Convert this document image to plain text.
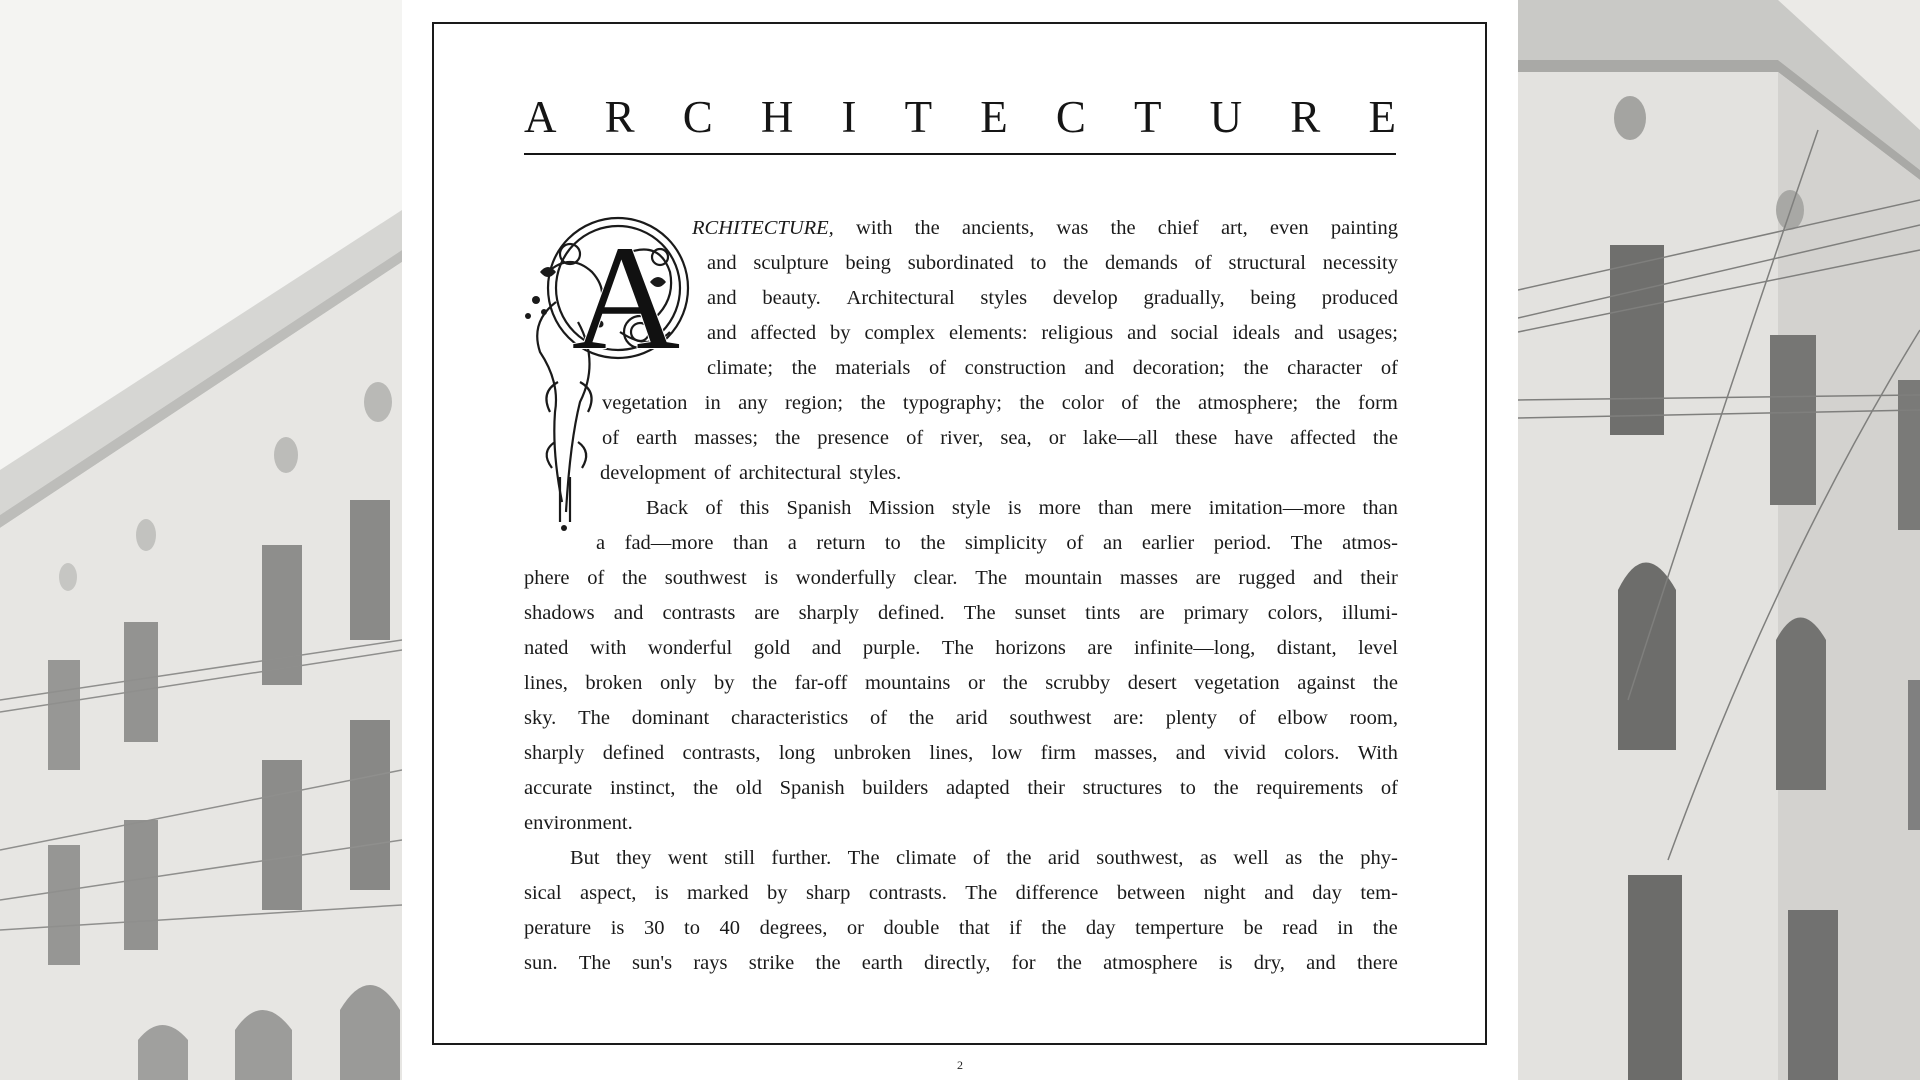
A R C H I T E C T U R E
A RCHITECTURE, with the ancients, was the chief art, even painting
and sculpture being subordinated to the demands of structural necessity
and beauty. Architectural styles develop gradually, being produced
and affected by complex elements: religious and social ideals and usages;
climate; the materials of construction and decoration; the character of
vegetation in any region; the typography; the color of the atmosphere; the form
of earth masses; the presence of river, sea, or lake—all these have affected the
development of architectural styles.
Back of this Spanish Mission style is more than mere imitation—more than
a fad—more than a return to the simplicity of an earlier period. The atmos-
phere of the southwest is wonderfully clear. The mountain masses are rugged and their
shadows and contrasts are sharply defined. The sunset tints are primary colors, illumi-
nated with wonderful gold and purple. The horizons are infinite—long, distant, level
lines, broken only by the far-off mountains or the scrubby desert vegetation against the
sky. The dominant characteristics of the arid southwest are: plenty of elbow room,
sharply defined contrasts, long unbroken lines, low firm masses, and vivid colors. With
accurate instinct, the old Spanish builders adapted their structures to the requirements of
environment.
But they went still further. The climate of the arid southwest, as well as the phy-
sical aspect, is marked by sharp contrasts. The difference between night and day tem-
perature is 30 to 40 degrees, or double that if the day temperture be read in the
sun. The sun's rays strike the earth directly, for the atmosphere is dry, and there
2
